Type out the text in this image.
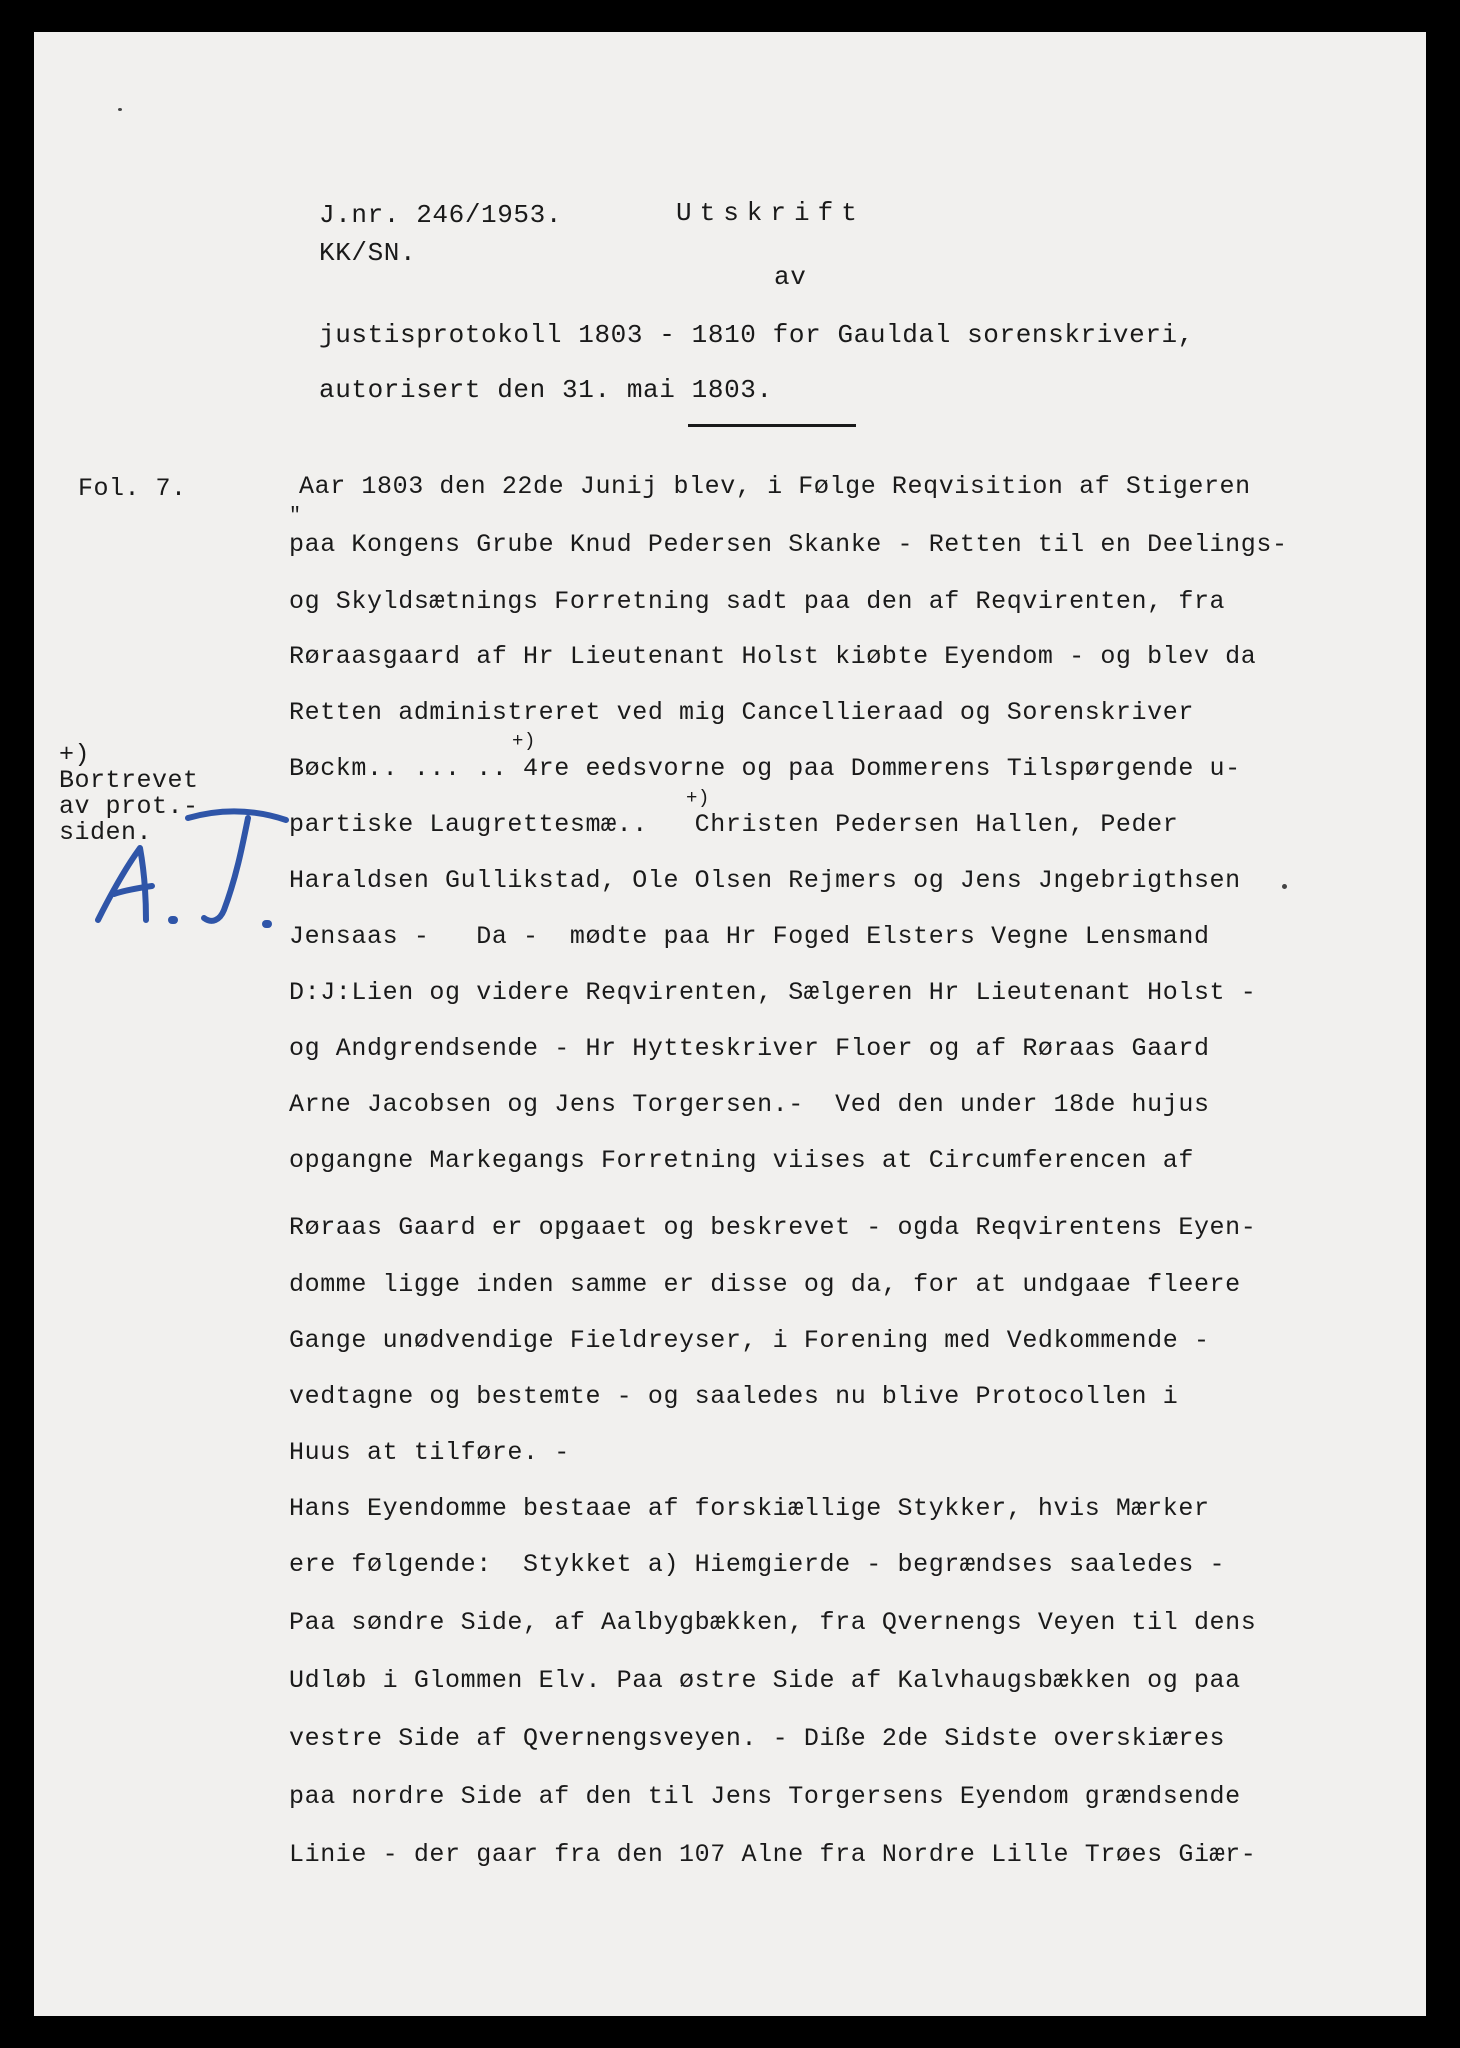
J.nr. 246/1953.
KK/SN.
Utskrift
av
justisprotokoll 1803 - 1810 for Gauldal sorenskriveri,
autorisert den 31. mai 1803.
Fol. 7.
+)
Bortrevet
av prot.-
siden.
"
+)
+)
Aar 1803 den 22de Junij blev, i Følge Reqvisition af Stigeren
paa Kongens Grube Knud Pedersen Skanke - Retten til en Deelings-
og Skyldsætnings Forretning sadt paa den af Reqvirenten, fra
Røraasgaard af Hr Lieutenant Holst kiøbte Eyendom - og blev da
Retten administreret ved mig Cancellieraad og Sorenskriver
Bøckm.. ... .. 4re eedsvorne og paa Dommerens Tilspørgende u-
partiske Laugrettesmæ..   Christen Pedersen Hallen, Peder
Haraldsen Gullikstad, Ole Olsen Rejmers og Jens Jngebrigthsen
Jensaas -   Da -  mødte paa Hr Foged Elsters Vegne Lensmand
D:J:Lien og videre Reqvirenten, Sælgeren Hr Lieutenant Holst -
og Andgrendsende - Hr Hytteskriver Floer og af Røraas Gaard
Arne Jacobsen og Jens Torgersen.-  Ved den under 18de hujus
opgangne Markegangs Forretning viises at Circumferencen af
Røraas Gaard er opgaaet og beskrevet - ogda Reqvirentens Eyen-
domme ligge inden samme er disse og da, for at undgaae fleere
Gange unødvendige Fieldreyser, i Forening med Vedkommende -
vedtagne og bestemte - og saaledes nu blive Protocollen i
Huus at tilføre. -
Hans Eyendomme bestaae af forskiællige Stykker, hvis Mærker
ere følgende:  Stykket a) Hiemgierde - begrændses saaledes -
Paa søndre Side, af Aalbygbækken, fra Qvernengs Veyen til dens
Udløb i Glommen Elv. Paa østre Side af Kalvhaugsbækken og paa
vestre Side af Qvernengsveyen. - Diße 2de Sidste overskiæres
paa nordre Side af den til Jens Torgersens Eyendom grændsende
Linie - der gaar fra den 107 Alne fra Nordre Lille Trøes Giær-
